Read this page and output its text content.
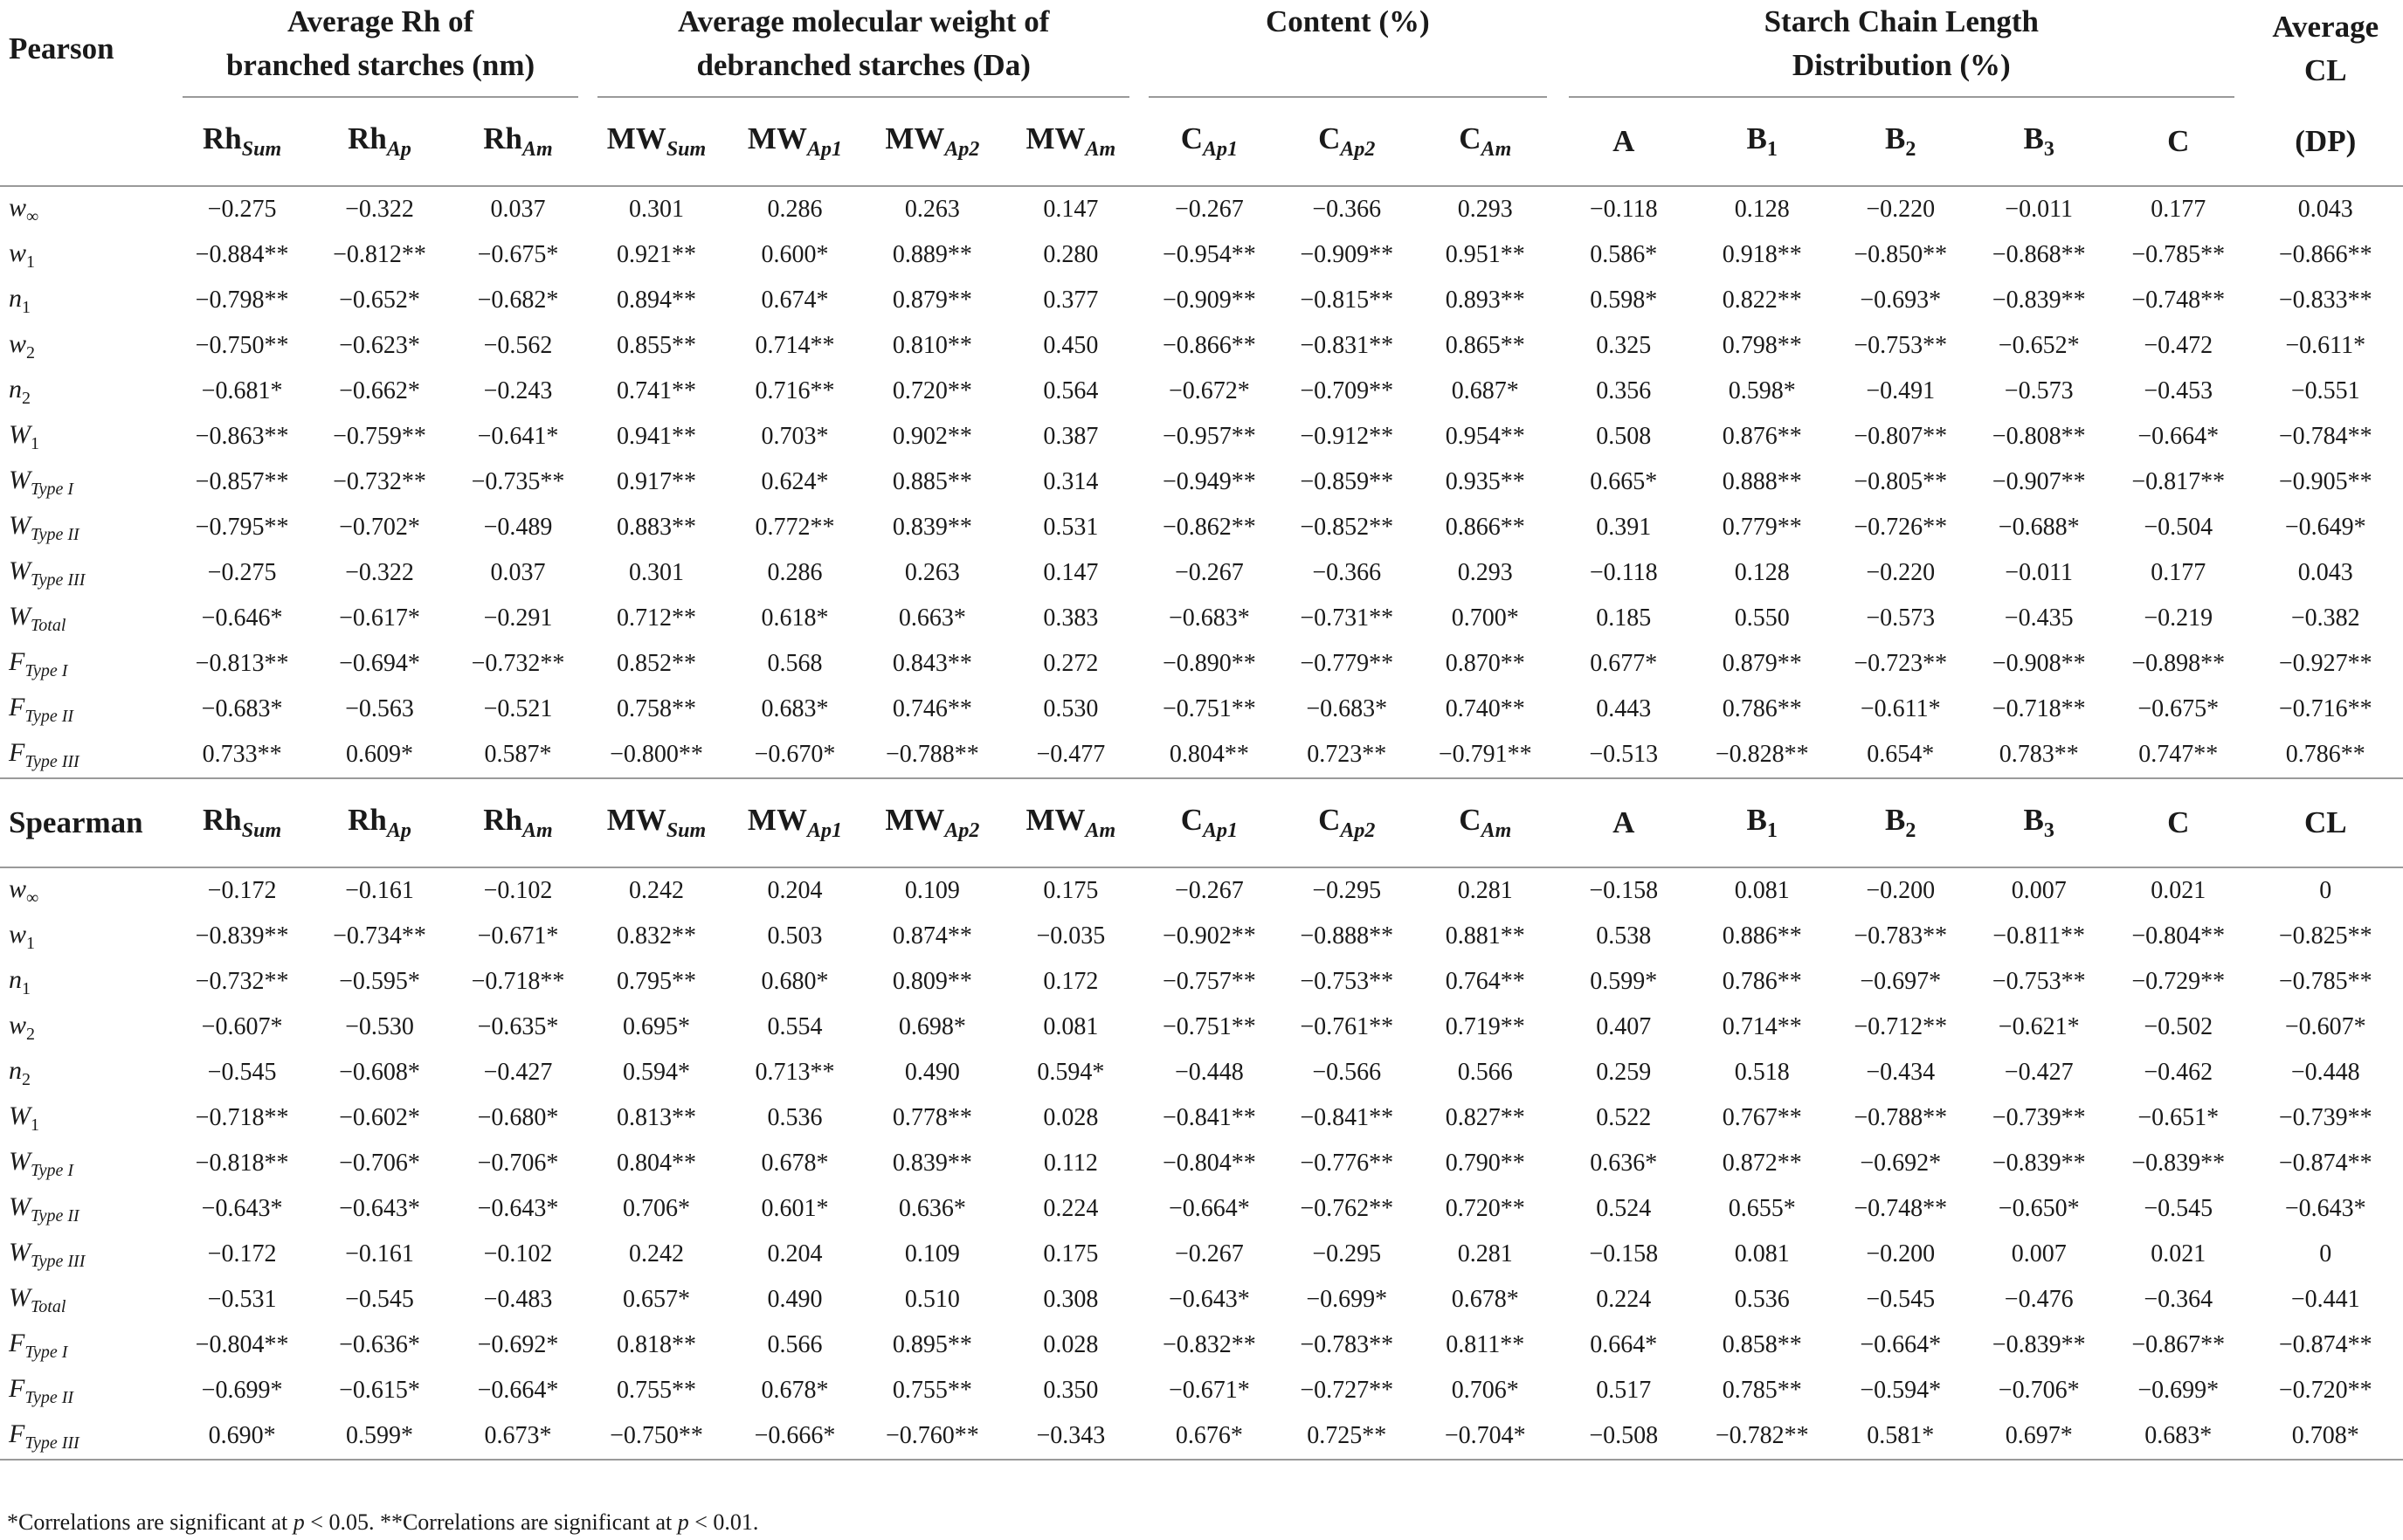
Pearson	Average Rh of
branched starches (nm)			Average molecular weight of
debranched starches (Da)				Content (%)			Starch Chain Length
Distribution (%)					Average
CL
	$Rh_{Sum}$	$Rh_{Ap}$	$Rh_{Am}$	$MW_{Sum}$	$MW_{Ap1}$	$MW_{Ap2}$	$MW_{Am}$	$C_{Ap1}$	$C_{Ap2}$	$C_{Am}$	A	$B_1$	$B_2$	$B_3$	C	(DP)
$w_\infty$	−0.275	−0.322	0.037	0.301	0.286	0.263	0.147	−0.267	−0.366	0.293	−0.118	0.128	−0.220	−0.011	0.177	0.043
$w_1$	−0.884**	−0.812**	−0.675*	0.921**	0.600*	0.889**	0.280	−0.954**	−0.909**	0.951**	0.586*	0.918**	−0.850**	−0.868**	−0.785**	−0.866**
$n_1$	−0.798**	−0.652*	−0.682*	0.894**	0.674*	0.879**	0.377	−0.909**	−0.815**	0.893**	0.598*	0.822**	−0.693*	−0.839**	−0.748**	−0.833**
$w_2$	−0.750**	−0.623*	−0.562	0.855**	0.714**	0.810**	0.450	−0.866**	−0.831**	0.865**	0.325	0.798**	−0.753**	−0.652*	−0.472	−0.611*
$n_2$	−0.681*	−0.662*	−0.243	0.741**	0.716**	0.720**	0.564	−0.672*	−0.709**	0.687*	0.356	0.598*	−0.491	−0.573	−0.453	−0.551
$W_1$	−0.863**	−0.759**	−0.641*	0.941**	0.703*	0.902**	0.387	−0.957**	−0.912**	0.954**	0.508	0.876**	−0.807**	−0.808**	−0.664*	−0.784**
$W_{Type I}$	−0.857**	−0.732**	−0.735**	0.917**	0.624*	0.885**	0.314	−0.949**	−0.859**	0.935**	0.665*	0.888**	−0.805**	−0.907**	−0.817**	−0.905**
$W_{Type II}$	−0.795**	−0.702*	−0.489	0.883**	0.772**	0.839**	0.531	−0.862**	−0.852**	0.866**	0.391	0.779**	−0.726**	−0.688*	−0.504	−0.649*
$W_{Type III}$	−0.275	−0.322	0.037	0.301	0.286	0.263	0.147	−0.267	−0.366	0.293	−0.118	0.128	−0.220	−0.011	0.177	0.043
$W_{Total}$	−0.646*	−0.617*	−0.291	0.712**	0.618*	0.663*	0.383	−0.683*	−0.731**	0.700*	0.185	0.550	−0.573	−0.435	−0.219	−0.382
$F_{Type I}$	−0.813**	−0.694*	−0.732**	0.852**	0.568	0.843**	0.272	−0.890**	−0.779**	0.870**	0.677*	0.879**	−0.723**	−0.908**	−0.898**	−0.927**
$F_{Type II}$	−0.683*	−0.563	−0.521	0.758**	0.683*	0.746**	0.530	−0.751**	−0.683*	0.740**	0.443	0.786**	−0.611*	−0.718**	−0.675*	−0.716**
$F_{Type III}$	0.733**	0.609*	0.587*	−0.800**	−0.670*	−0.788**	−0.477	0.804**	0.723**	−0.791**	−0.513	−0.828**	0.654*	0.783**	0.747**	0.786**
Spearman	$Rh_{Sum}$	$Rh_{Ap}$	$Rh_{Am}$	$MW_{Sum}$	$MW_{Ap1}$	$MW_{Ap2}$	$MW_{Am}$	$C_{Ap1}$	$C_{Ap2}$	$C_{Am}$	A	$B_1$	$B_2$	$B_3$	C	CL
$w_\infty$	−0.172	−0.161	−0.102	0.242	0.204	0.109	0.175	−0.267	−0.295	0.281	−0.158	0.081	−0.200	0.007	0.021	0
$w_1$	−0.839**	−0.734**	−0.671*	0.832**	0.503	0.874**	−0.035	−0.902**	−0.888**	0.881**	0.538	0.886**	−0.783**	−0.811**	−0.804**	−0.825**
$n_1$	−0.732**	−0.595*	−0.718**	0.795**	0.680*	0.809**	0.172	−0.757**	−0.753**	0.764**	0.599*	0.786**	−0.697*	−0.753**	−0.729**	−0.785**
$w_2$	−0.607*	−0.530	−0.635*	0.695*	0.554	0.698*	0.081	−0.751**	−0.761**	0.719**	0.407	0.714**	−0.712**	−0.621*	−0.502	−0.607*
$n_2$	−0.545	−0.608*	−0.427	0.594*	0.713**	0.490	0.594*	−0.448	−0.566	0.566	0.259	0.518	−0.434	−0.427	−0.462	−0.448
$W_1$	−0.718**	−0.602*	−0.680*	0.813**	0.536	0.778**	0.028	−0.841**	−0.841**	0.827**	0.522	0.767**	−0.788**	−0.739**	−0.651*	−0.739**
$W_{Type I}$	−0.818**	−0.706*	−0.706*	0.804**	0.678*	0.839**	0.112	−0.804**	−0.776**	0.790**	0.636*	0.872**	−0.692*	−0.839**	−0.839**	−0.874**
$W_{Type II}$	−0.643*	−0.643*	−0.643*	0.706*	0.601*	0.636*	0.224	−0.664*	−0.762**	0.720**	0.524	0.655*	−0.748**	−0.650*	−0.545	−0.643*
$W_{Type III}$	−0.172	−0.161	−0.102	0.242	0.204	0.109	0.175	−0.267	−0.295	0.281	−0.158	0.081	−0.200	0.007	0.021	0
$W_{Total}$	−0.531	−0.545	−0.483	0.657*	0.490	0.510	0.308	−0.643*	−0.699*	0.678*	0.224	0.536	−0.545	−0.476	−0.364	−0.441
$F_{Type I}$	−0.804**	−0.636*	−0.692*	0.818**	0.566	0.895**	0.028	−0.832**	−0.783**	0.811**	0.664*	0.858**	−0.664*	−0.839**	−0.867**	−0.874**
$F_{Type II}$	−0.699*	−0.615*	−0.664*	0.755**	0.678*	0.755**	0.350	−0.671*	−0.727**	0.706*	0.517	0.785**	−0.594*	−0.706*	−0.699*	−0.720**
$F_{Type III}$	0.690*	0.599*	0.673*	−0.750**	−0.666*	−0.760**	−0.343	0.676*	0.725**	−0.704*	−0.508	−0.782**	0.581*	0.697*	0.683*	0.708*

*Correlations are significant at p < 0.05. **Correlations are significant at p < 0.01.
